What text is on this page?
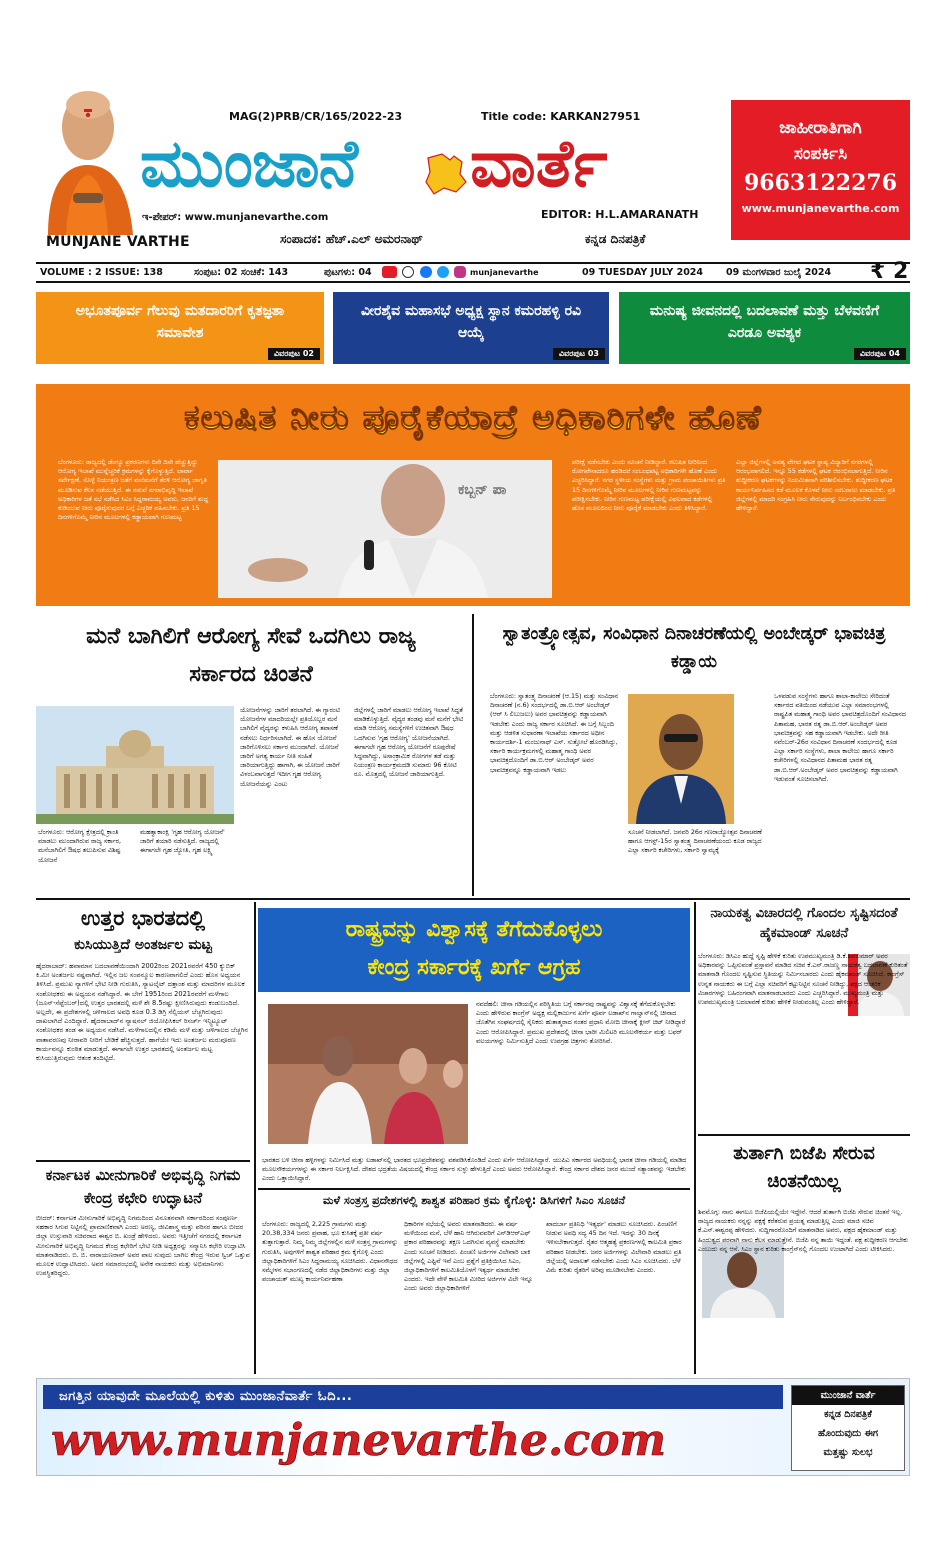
MUNJANE VARTHE
MAG(2)PRB/CR/165/2022-23	Title code: KARKAN27951
ಮುಂಜಾನೆ ವಾರ್ತೆ
ಇ-ಪೇಪರ್: www.munjanevarthe.com	EDITOR: H.L.AMARANATH
ಸಂಪಾದಕ: ಹೆಚ್.ಎಲ್ ಅಮರನಾಥ್	ಕನ್ನಡ ದಿನಪತ್ರಿಕೆ
ಜಾಹೀರಾತಿಗಾಗಿ
ಸಂಪರ್ಕಿಸಿ
9663122276
www.munjanevarthe.com
VOLUME : 2 ISSUE: 138	ಸಂಪುಟ: 02 ಸಂಚಿಕೆ: 143	ಪುಟಗಳು: 04	munjanevarthe	09 TUESDAY JULY 2024 09 ಮಂಗಳವಾರ ಜುಲೈ 2024 ₹ 2
ಅಭೂತಪೂರ್ವ ಗೆಲುವು ಮತದಾರರಿಗೆ ಕೃತಜ್ಞತಾ ಸಮಾವೇಶ
ವಿವರಪುಟ 02
ವೀರಶೈವ ಮಹಾಸಭೆ ಅಧ್ಯಕ್ಷ ಸ್ಥಾನ ಕಮರಹಳ್ಳಿ ರವಿ ಆಯ್ಕೆ
ವಿವರಪುಟ 03
ಮನುಷ್ಯ ಜೀವನದಲ್ಲಿ ಬದಲಾವಣೆ ಮತ್ತು ಬೆಳವಣಿಗೆ ಎರಡೂ ಅವಶ್ಯಕ
ವಿವರಪುಟ 04
ಕಲುಷಿತ ನೀರು ಪೂರೈಕೆಯಾದ್ರೆ ಅಧಿಕಾರಿಗಳೇ ಹೊಣೆ
ಬೆಂಗಳೂರು: ರಾಜ್ಯದಲ್ಲಿ ಡೆಂಗ್ಯೂ ಪ್ರಕರಣಗಳು ದಿನೇ ದಿನೇ ಹೆಚ್ಚುತ್ತಿದ್ದು ಆರೋಗ್ಯ ಇಲಾಖೆ ಮುನ್ನೆಚ್ಚರಿಕೆ ಕ್ರಮಗಳನ್ನು ಕೈಗೊಳ್ಳುತ್ತಿದೆ. ಲಾರ್ವಾ ಸರ್ವೇಕ್ಷಣೆ, ಸೊಳ್ಳೆ ನಿಯಂತ್ರಣ ಜತೆಗೆ ಮನೆಮನೆಗೆ ತೆರಳಿ ಆರೋಗ್ಯ ಜಾಗೃತಿ ಮೂಡಿಸುವ ಕೆಲಸ ನಡೆಯುತ್ತಿದೆ. ಈ ನಡುವೆ ನಗರಾಭಿವೃದ್ಧಿ ಇಲಾಖೆ ಅಧಿಕಾರಿಗಳ ಜತೆ ಸಭೆ ನಡೆಸಿದ ಸಿಎಂ ಸಿದ್ದರಾಮಯ್ಯ ಅವರು, ಜನರಿಗೆ ಶುದ್ಧ ಕುಡಿಯುವ ನೀರು ಪೂರೈಸುವುದರ ಬಗ್ಗೆ ಎಚ್ಚರಿಕೆ ವಹಿಸಬೇಕು. ಪ್ರತಿ 15 ದಿನಗಳಿಗೊಮ್ಮೆ ನೀರಿನ ಮೂಲಗಳಲ್ಲಿ ಕಡ್ಡಾಯವಾಗಿ ಗುಣಮಟ್ಟ
ಕಬ್ಬನ್ ಪಾ
ಪರೀಕ್ಷೆ ನಡೆಸಬೇಕು ಎಂದು ಸೂಚನೆ ನೀಡಿದ್ದಾರೆ. ಕಲುಷಿತ ನೀರಿನಿಂದ ರೋಗವೇನಾದರೂ ಹರಡಿದರೆ ಸಂಬಂಧಪಟ್ಟ ಅಧಿಕಾರಿಗಳೇ ಹೊಣೆ ಎಂದು ಎಚ್ಚರಿಸಿದ್ದಾರೆ. ನಗರ ಸ್ಥಳೀಯ ಸಂಸ್ಥೆಗಳು ಮತ್ತು ಗ್ರಾಮ ಪಂಚಾಯಿತಿಗಳು ಪ್ರತಿ 15 ದಿನಗಳಿಗೊಮ್ಮೆ ನೀರಿನ ಮೂಲಗಳಲ್ಲಿ ನೀರಿನ ಗುಣಮಟ್ಟವನ್ನು ಪರೀಕ್ಷಿಸಬೇಕು. ನೀರಿನ ಗುಣಮಟ್ಟ ಪರೀಕ್ಷೆಯಲ್ಲಿ ವಿಫಲವಾದ ಕಡೆಗಳಲ್ಲಿ ಹೊಸ ಮೂಲದಿಂದ ನೀರು ಪೂರೈಕೆ ಮಾಡಬೇಕು ಎಂದು ತಿಳಿಸಿದ್ದಾರೆ.
ಎಲ್ಲಾ ಜಿಲ್ಲೆಗಳಲ್ಲಿ ಅವಶ್ಯ ವೇಗದ ಘಟಕ ಸ್ಥಾಪ್ಯ ವಿದ್ಯಾರಿಗೆ ನಗರಗಳಲ್ಲಿ ಆರಂಭವಾಗಲಿದೆ. ಇನ್ನೂ 55 ಕಡೆಗಳಲ್ಲಿ ಘಟಕ ಆರಂಭಿಸಲಾಗುತ್ತಿದೆ. ನೀರಿನ ಶುದ್ಧೀಕರಣ ಘಟಕಗಳನ್ನು ನಿಯಮಿತವಾಗಿ ಪರಿಶೀಲಿಸಬೇಕು. ಶುದ್ಧೀಕರಣ ಘಟಕ ಕಾರ್ಯನಿರ್ವಹಿಸದ ಕಡೆ ಮೂಲಕ ಕೊಳವೆ ನೀರು ಸರಬರಾಜು ಮಾಡಬೇಕು. ಪ್ರತಿ ಜಿಲ್ಲೆಗಳಲ್ಲಿ ಮಾದರಿ ಸಂಗ್ರಹಿಸಿ ನೀರು ಸೇರುವುದನ್ನು ನಿರ್ಬಂಧಿಸಬೇಕು ಎಂದು ಹೇಳಿದ್ದಾರೆ.
ಮನೆ ಬಾಗಿಲಿಗೆ ಆರೋಗ್ಯ ಸೇವೆ ಒದಗಿಲು ರಾಜ್ಯ ಸರ್ಕಾರದ ಚಿಂತನೆ
ಬೆಂಗಳೂರು: ಆರೋಗ್ಯ ಕ್ಷೇತ್ರದಲ್ಲಿ ಕ್ರಾಂತಿ ಮಾಡಲು ಮುಂದಾಗಿರುವ ರಾಜ್ಯ ಸರ್ಕಾರ, ಮನೆಬಾಗಿಲಿಗೆ ಔಷಧ ತಲುಪಿಸುವ ವಿಶಿಷ್ಟ ಯೋಜನೆ
ಮಹತ್ವಾಕಾಂಕ್ಷಿ 'ಗೃಹ ಆರೋಗ್ಯ ಯೋಜನೆ' ಜಾರಿಗೆ ತಯಾರಿ ನಡೆಸುತ್ತಿದೆ. ರಾಜ್ಯದಲ್ಲಿ ಈಗಾಗಲೇ ಗೃಹ ಜ್ಯೋತಿ, ಗೃಹ ಲಕ್ಷ್ಮಿ
ಯೋಜನೆಗಳನ್ನು ಜಾರಿಗೆ ತರಲಾಗಿದೆ. ಈ ಗ್ಯಾರಂಟಿ ಯೋಜನೆಗಳ ಮಾದರಿಯಲ್ಲೇ ಪ್ರತಿಯೊಬ್ಬರ ಮನೆ ಬಾಗಿಲಿಗೆ ವೈದ್ಯರನ್ನು ಕಳುಹಿಸಿ ಆರೋಗ್ಯ ತಪಾಸಣೆ ನಡೆಸಲು ನಿರ್ಧರಿಸಲಾಗಿದೆ. ಈ ಹೊಸ ಯೋಜನೆ ಜಾರಿಗೊಳಿಸಲು ಸರ್ಕಾರ ಮುಂದಾಗಿದೆ. ಯೋಜನೆ ಜಾರಿಗೆ ಅಗತ್ಯ ಕಾರ್ಯ ನೀತಿ ಸಂಹಿತೆ ಜಾರಿಯಾಗುತ್ತಿದ್ದು ಹಾಗಾಗಿ, ಈ ಯೋಜನೆ ಜಾರಿಗೆ ವಿಳಂಬವಾಗುತ್ತದೆ ಇದೀಗ ಗೃಹ ಆರೋಗ್ಯ ಯೋಜನೆಯನ್ನು ಎಂಟು
ಜಿಲ್ಲೆಗಳಲ್ಲಿ ಜಾರಿಗೆ ಮಾಡಲು ಆರೋಗ್ಯ ಇಲಾಖೆ ಸಿದ್ಧತೆ ಮಾಡಿಕೊಳ್ಳುತ್ತಿದೆ. ವೈದ್ಯರ ತಂಡವು ಮನೆ ಮನೆಗೆ ಭೇಟಿ ಮಾಡಿ ಆರೋಗ್ಯ ಸಮಸ್ಯೆಗಳಿಗೆ ಉಚಿತವಾಗಿ ಔಷಧ ಒದಗಿಸುವ 'ಗೃಹ ಆರೋಗ್ಯ' ಯೋಜನೆಯಾಗಿದೆ. ಈಗಾಗಲೇ ಗೃಹ ಆರೋಗ್ಯ ಯೋಜನೆಗೆ ರೂಪುರೇಷೆ ಸಿದ್ಧವಾಗಿದ್ದು, ಅಸಾಂಕ್ರಾಮಿಕ ರೋಗಗಳ ತಡೆ ಮತ್ತು ನಿಯಂತ್ರಣ ಕಾರ್ಯಕ್ರಮದಡಿ ಸುಮಾರು 96 ಕೋಟಿ ರೂ. ಮೊತ್ತದಲ್ಲಿ ಯೋಜನೆ ಜಾರಿಯಾಗುತ್ತಿದೆ.
ಸ್ವಾತಂತ್ರ್ಯೋತ್ಸವ, ಸಂವಿಧಾನ ದಿನಾಚರಣೆಯಲ್ಲಿ ಅಂಬೇಡ್ಕರ್ ಭಾವಚಿತ್ರ ಕಡ್ಡಾಯ
ಬೆಂಗಳೂರು: ಸ್ವಾತಂತ್ರ್ಯ ದಿನಾಚರಣೆ (ಆ.15) ಮತ್ತು ಸಂವಿಧಾನ ದಿನಾಚರಣೆ (ನ.6) ಸಂದರ್ಭದಲ್ಲಿ ಡಾ.ಬಿ.ಆರ್ ಅಂಬೇಡ್ಕರ್ (ಆರ್ ಸಿ ಲಿಬುಜಲು) ಅವರ ಭಾವಚಿತ್ರವನ್ನು ಕಡ್ಡಾಯವಾಗಿ ಇಡಬೇಕು ಎಂದು ರಾಜ್ಯ ಸರ್ಕಾರ ಸೂಚಿಸಿದೆ. ಈ ಬಗ್ಗೆ ಸಿಬ್ಬಂದಿ ಮತ್ತು ಆಡಳಿತ ಸುಧಾರಣಾ ಇಲಾಖೆಯ ಸರ್ಕಾರದ ಅಧೀನ ಕಾರ್ಯದರ್ಶಿ-1 ಮಂಜುನಾಥ್ ಎಸ್. ಸುತ್ತೋಲೆ ಹೊರಡಿಸಿದ್ದು, ಸರ್ಕಾರಿ ಕಾರ್ಯಕ್ರಮಗಳಲ್ಲಿ ಮಹಾತ್ಮ ಗಾಂಧಿ ಅವರ ಭಾವಚಿತ್ರದೊಂದಿಗೆ ಡಾ.ಬಿ.ಆರ್ ಅಂಬೇಡ್ಕರ್ ಅವರ ಭಾವಚಿತ್ರವನ್ನೂ ಕಡ್ಡಾಯವಾಗಿ ಇಡಲು
ಸೂಚನೆ ನೀಡಲಾಗಿದೆ. ಜನವರಿ 26ರ ಗಣರಾಜ್ಯೋತ್ಸವ ದಿನಾಚರಣೆ ಹಾಗೂ ಆಗಸ್ಟ್-15ರ ಸ್ವಾತಂತ್ರ್ಯ ದಿನಾಚರಣೆಯಂದು ಕೂಡ ರಾಜ್ಯದ ಎಲ್ಲಾ ಸರ್ಕಾರಿ ಕಚೇರಿಗಳು, ಸರ್ಕಾರಿ ಸ್ವಾಮ್ಯಕ್ಕೆ
ಒಳಪಡುವ ಸಂಸ್ಥೆಗಳು ಹಾಗೂ ಶಾಲಾ-ಕಾಲೇಜು ಸೇರಿದಂತೆ ಸರ್ಕಾರದ ವತಿಯಿಂದ ನಡೆಯುವ ಎಲ್ಲಾ ಸಮಾರಂಭಗಳಲ್ಲಿ ರಾಷ್ಟ್ರಪಿತ ಮಹಾತ್ಮ ಗಾಂಧಿ ಅವರ ಭಾವಚಿತ್ರದೊಂದಿಗೆ ಸಂವಿಧಾನದ ಪಿತಾಮಹ, ಭಾರತ ರತ್ನ ಡಾ.ಬಿ.ಆರ್.ಅಂಬೇಡ್ಕರ್ ಅವರ ಭಾವಚಿತ್ರವನ್ನು ಸಹ ಕಡ್ಡಾಯವಾಗಿ ಇಡಬೇಕು. ಅದೇ ರೀತಿ ನವೆಂಬರ್-26ರ ಸಂವಿಧಾನ ದಿನಾಚರಣೆ ಸಂದರ್ಭದಲ್ಲಿ ಕೂಡ ಎಲ್ಲಾ ಸರ್ಕಾರಿ ಸಂಸ್ಥೆಗಳು, ಶಾಲಾ ಕಾಲೇಜು ಹಾಗೂ ಸರ್ಕಾರಿ ಕಚೇರಿಗಳಲ್ಲಿ ಸಂವಿಧಾನದ ಪಿತಾಮಹ ಭಾರತ ರತ್ನ ಡಾ.ಬಿ.ಆರ್.ಅಂಬೇಡ್ಕರ್ ಅವರ ಭಾವಚಿತ್ರವನ್ನು ಕಡ್ಡಾಯವಾಗಿ ಇಡುವಂತೆ ಸೂಚಿಸಲಾಗಿದೆ.
ಉತ್ತರ ಭಾರತದಲ್ಲಿ
ಕುಸಿಯುತ್ತಿದೆ ಅಂತರ್ಜಲ ಮಟ್ಟ
ಹೈದರಾಬಾದ್: ಹವಾಮಾನ ಬದಲಾವಣೆಯಿಂದಾಗಿ 2002ರಿಂದ 2021ರವರೆಗೆ 450 ಕ್ಯುಬಿಕ್ ಕಿ.ಮೀ ಅಂತರ್ಜಲ ನಷ್ಟವಾಗಿದೆ. ಇಲ್ಲಿನ ಜಲ ಸಂಪನ್ಮೂಲ ಕಾರಣವಾಗಲಿದೆ ಎಂದು ಹೊಸ ಅಧ್ಯಯನ ತಿಳಿಸಿದೆ. ಪ್ರಮುಖ ನ್ಯಾಗಳಿಗೆ ಭೇಟಿ ನೀಡಿ ಗುರುತಿಸಿ, ಸ್ಯಾಟಲೈಟ್ ದತ್ತಾಂಶ ಮತ್ತು ಮಾದರಿಗಳ ಮೂಲಕ ಸಂಶೋಧಕರು ಈ ಅಧ್ಯಯನ ನಡೆಸಿದ್ದಾರೆ. ಈ ಬೇಗೆ 1951ರಿಂದ 2021ರವರೆಗೆ ಮಳೆಗಾಲ (ಜೂನ್-ಸೆಪ್ಟೆಂಬರ್)ದಲ್ಲಿ ಉತ್ತರ ಭಾರತದಲ್ಲಿ ಮಳೆ ಶೇ 8.5ರಷ್ಟು ಕ್ಷೀಣಿಸಿರುವುದು ಕಂಡುಬಂದಿದೆ. ಅಲ್ಲದೇ, ಈ ಪ್ರದೇಶಗಳಲ್ಲಿ ಚಳಿಗಾಲದ ಅವಧಿ ಕೂಡ 0.3 ಡಿಗ್ರಿ ಸೆಲ್ಸಿಯಸ್ ಬೆಚ್ಚಗಿರುವುದು ದಾಖಲಾಗಿದೆ ಎಂದಿದ್ದಾರೆ. ಹೈದರಾಬಾದ್‌ನ ನ್ಯಾಷನಲ್ ಜಿಯೋಫಿಸಿಕಲ್ ರಿಸರ್ಚ್ ಇನ್ಸ್ಟಿಟ್ಯೂಟ್ ಸಂಶೋಧಕರ ತಂಡ ಈ ಅಧ್ಯಯನ ನಡೆಸಿದೆ. ಮಳೆಗಾಲದಲ್ಲಿನ ಕಡಿಮೆ ಮಳೆ ಮತ್ತು ಚಳಿಗಾಲದ ಬೆಚ್ಚಗಿನ ವಾತಾವರಣವು ನೀರಾವರಿ ನೀರಿಗೆ ಬೇಡಿಕೆ ಹೆಚ್ಚಿಸುತ್ತದೆ. ಹಾಗೆಯೇ ಇದು ಅಂತರ್ಜಲ ಮರುಪೂರಣ ಕಾರ್ಯವನ್ನೂ ಕುಂಠಿತ ಮಾಡುತ್ತದೆ. ಈಗಾಗಲೇ ಉತ್ತರ ಭಾರತದಲ್ಲಿ ಅಂತರ್ಜಲ ಮಟ್ಟ ಕುಸಿಯುತ್ತಿರುವುದು ಆತಂಕ ತಂದಿಟ್ಟಿದೆ.
ಕರ್ನಾಟಕ ಮೀನುಗಾರಿಕೆ ಅಭಿವೃದ್ಧಿ ನಿಗಮ ಕೇಂದ್ರ ಕಛೇರಿ ಉದ್ಘಾಟನೆ
ಬೀದರ್: ಕರ್ನಾಟಕ ಮೀನುಗಾರಿಕೆ ಅಭಿವೃದ್ಧಿ ನಿಗಮದಿಂದ ವಿನೂತನವಾಗಿ ಸರ್ಕಾರದಿಂದ ಸಂಪೂರ್ಣ ಸಹಕಾರ ಸಿಗುವ ನಿಟ್ಟಿನಲ್ಲಿ ಪ್ರಾಮಾಣಿಕವಾಗಿ ಎಂದು ಅರಣ್ಯ, ಜೀವಿಶಾಸ್ತ್ರ ಮತ್ತು ಪರಿಸರ ಹಾಗೂ ಬೀದರ ಜಿಲ್ಲಾ ಉಸ್ತುವಾರಿ ಸಚಿವರಾದ ಈಶ್ವರ ಬಿ. ಖಂಡ್ರೆ ಹೇಳಿದರು. ಅವರು ಇತ್ತೀಚೆಗೆ ನಗರದಲ್ಲಿ ಕರ್ನಾಟಕ ಮೀನುಗಾರಿಕೆ ಅಭಿವೃದ್ಧಿ ನಿಗಮದ ಕೇಂದ್ರ ಕಛೇರಿಗೆ ಭೇಟಿ ನೀಡಿ ಅಧ್ಯಕ್ಷರನ್ನು ಸನ್ಮಾನಿಸಿ ಕಛೇರಿ ಉದ್ಘಾಟಿಸಿ ಮಾತನಾಡಿದರು. ಬಿ. ಬಿ. ನಾರಾಯಣರಾವ್ ಅವರ ಪಾಲ ಸುವುದು ಬಾಗಿಲ ಕೇಂದ್ರ ಇರುವ ಸ್ವಿಚ್ ಒತ್ತುವ ಮೂಲಕ ಉದ್ಘಾಟಿಸಿದರು. ಅವರ ಸಮಾರಂಭದಲ್ಲಿ ಅನೇಕ ನಾಯಕರು ಮತ್ತು ಅಭಿಮಾನಿಗಳು ಉಪಸ್ಥಿತರಿದ್ದರು.
ರಾಷ್ಟ್ರವನ್ನು ವಿಶ್ವಾಸಕ್ಕೆ ತೆಗೆದುಕೊಳ್ಳಲು
ಕೇಂದ್ರ ಸರ್ಕಾರಕ್ಕೆ ಖರ್ಗೆ ಆಗ್ರಹ
ನವದೆಹಲಿ: ಚೀನಾ ಗಡಿಯಲ್ಲಿನ ಪರಿಸ್ಥಿತಿಯ ಬಗ್ಗೆ ಸರ್ಕಾರವು ರಾಷ್ಟ್ರವನ್ನು ವಿಶ್ವಾಸಕ್ಕೆ ತೆಗೆದುಕೊಳ್ಳಬೇಕು ಎಂದು ಹೇಳಿರುವ ಕಾಂಗ್ರೆಸ್ ಅಧ್ಯಕ್ಷ ಮಲ್ಲಿಕಾರ್ಜುನ ಖರ್ಗೆ ಪೂರ್ವ ಲಡಾಖ್‌ನ ಗಾಲ್ವಾನ್‌ನಲ್ಲಿ ಚೀನಾದ ಜೊತೆಗಿನ ಸಂಘರ್ಷದಲ್ಲಿ ಸೈನಿಕರು ಹುತಾತ್ಮರಾದ ನಂತರ ಪ್ರಧಾನಿ ಮೋದಿ ಚೀನಾಕ್ಕೆ ಕ್ಲೀನ್ ಚಿಟ್ ನೀಡಿದ್ದಾರೆ ಎಂದು ಆರೋಪಿಸಿದ್ದಾರೆ. ಪ್ರಮುಖ ಪ್ರದೇಶದಲ್ಲಿ ಚೀನಾ ಭಾರೀ ಮಿಲಿಟರಿ ಮೂಲಸೌಕರ್ಯ ಮತ್ತು ಬಫರ್ ವಲಯಗಳನ್ನು ನಿರ್ಮಿಸುತ್ತಿದೆ ಎಂದು ಉಪಗ್ರಹ ಚಿತ್ರಗಳು ತೋರಿಸಿವೆ.
ಭಾರತದ ಬಳಿ ಚೀನಾ ಹಳ್ಳಿಗಳನ್ನು ನಿರ್ಮಿಸಿದೆ ಮತ್ತು ಲಡಾಖ್‌ನಲ್ಲಿ ಭಾರತದ ಭೂಪ್ರದೇಶವನ್ನು ವಶಪಡಿಸಿಕೊಂಡಿದೆ ಎಂದು ಖರ್ಗೆ ಆರೋಪಿಸಿದ್ದಾರೆ. ಯುಪಿಎ ಸರ್ಕಾರದ ಅವಧಿಯಲ್ಲಿ ಭಾರತ ಚೀನಾ ಗಡಿಯಲ್ಲಿ ಮಾಡಿದ ಮೂಲಸೌಕರ್ಯಗಳನ್ನು ಈ ಸರ್ಕಾರ ನಿರ್ಲಕ್ಷಿಸಿದೆ. ದೇಶದ ಭದ್ರತೆಯ ವಿಷಯದಲ್ಲಿ ಕೇಂದ್ರ ಸರ್ಕಾರ ಸುಳ್ಳು ಹೇಳುತ್ತಿದೆ ಎಂದು ಅವರು ಆರೋಪಿಸಿದ್ದಾರೆ. ಕೇಂದ್ರ ಸರ್ಕಾರ ದೇಶದ ಜನರ ಮುಂದೆ ಸತ್ಯಾಂಶವನ್ನು ಇಡಬೇಕು ಎಂದು ಒತ್ತಾಯಿಸಿದ್ದಾರೆ.
ನಾಯಕತ್ವ ವಿಚಾರದಲ್ಲಿ ಗೊಂದಲ ಸೃಷ್ಟಿಸದಂತೆ ಹೈಕಮಾಂಡ್ ಸೂಚನೆ
ಬೆಂಗಳೂರು: ಡಿಸಿಎಂ ಹುದ್ದೆ ಸೃಷ್ಟಿ ಹೇಳಿಕೆ ಕುರಿತು ಉಪಮುಖ್ಯಮಂತ್ರಿ ಡಿ.ಕೆ.ಶಿವಕುಮಾರ್ ಅವರ ಅಧಿಕಾರವನ್ನು ಒಪ್ಪಿಸುವಂತೆ ಪ್ರಸ್ತಾವನೆ ಮಾಡಿದ ಸಚಿವ ಕೆ.ಎನ್.ರಾಜಣ್ಣ ನಾಯಕತ್ವ ಬದಲಾವಣೆ ಕುರಿತಂತೆ ಮಾತನಾಡಿ ಗೊಂದಲ ಸೃಷ್ಟಿಸುವ ಸ್ಥಿತಿಯನ್ನು ನಿರ್ಮಿಸಬಾರದು ಎಂದು ಹೈಕಮಾಂಡ್ ಸೂಚಿಸಿದೆ. ಕಾಂಗ್ರೆಸ್ ಉನ್ನತ ನಾಯಕರು ಈ ಬಗ್ಗೆ ಎಲ್ಲಾ ಸಚಿವರಿಗೆ ಕಟ್ಟುನಿಟ್ಟಿನ ಸೂಚನೆ ನೀಡಿದ್ದು, ಪಕ್ಷದ ಆಂತರಿಕ ವಿಚಾರಗಳನ್ನು ಬಹಿರಂಗವಾಗಿ ಮಾತನಾಡಬಾರದು ಎಂದು ಎಚ್ಚರಿಸಿದ್ದಾರೆ. ಮುಖ್ಯಮಂತ್ರಿ ಮತ್ತು ಉಪಮುಖ್ಯಮಂತ್ರಿ ಬದಲಾವಣೆ ಕುರಿತು ಹೇಳಿಕೆ ನೀಡುವಂತಿಲ್ಲ ಎಂದು ಹೇಳಿದ್ದಾರೆ.
ತುರ್ತಾಗಿ ಬಿಜೆಪಿ ಸೇರುವ ಚಿಂತನೆಯಿಲ್ಲ
ಶಿವಮೊಗ್ಗ: ನಾನು ಈಗಲೂ ಬಿಜೆಪಿಯಲ್ಲಿಯೇ ಇದ್ದೇನೆ. ಆದರೆ ತುರ್ತಾಗಿ ಬಿಜೆಪಿ ಸೇರುವ ಚಿಂತನೆ ಇಲ್ಲ. ರಾಜ್ಯದ ನಾಯಕರು ನನ್ನನ್ನು ಪಕ್ಷಕ್ಕೆ ಕರೆತರುವ ಪ್ರಯತ್ನ ಮಾಡುತ್ತಿಲ್ಲ ಎಂದು ಮಾಜಿ ಸಚಿವ ಕೆ.ಎಸ್.ಈಶ್ವರಪ್ಪ ಹೇಳಿದರು. ಸುದ್ದಿಗಾರರೊಂದಿಗೆ ಮಾತನಾಡಿದ ಅವರು, ಪಕ್ಷದ ಹೈಕಮಾಂಡ್ ಮತ್ತು ಹಿಂದುತ್ವದ ಪರವಾಗಿ ನಾನು ಕೆಲಸ ಮಾಡುತ್ತೇನೆ. ಬಿಜೆಪಿ ನನ್ನ ತಾಯಿ ಇದ್ದಂತೆ. ಪಕ್ಷ ಶುದ್ಧೀಕರಣ ಆಗಬೇಕು ಎಂಬುದು ನನ್ನ ಆಸೆ. ಸಿಎಂ ಸ್ಥಾನ ಕುರಿತು ಕಾಂಗ್ರೆಸ್‌ನಲ್ಲಿ ಗೊಂದಲ ಉಂಟಾಗಿದೆ ಎಂದು ಟೀಕಿಸಿದರು.
ಮಳೆ ಸಂತ್ರಸ್ತ ಪ್ರದೇಶಗಳಲ್ಲಿ ಶಾಶ್ವತ ಪರಿಹಾರ ಕ್ರಮ ಕೈಗೊಳ್ಳಿ: ಡಿಸಿಗಳಿಗೆ ಸಿಎಂ ಸೂಚನೆ
ಬೆಂಗಳೂರು: ರಾಜ್ಯದಲ್ಲಿ 2,225 ಗ್ರಾಮಗಳು ಮತ್ತು 20,38,334 ಜನರು ಪ್ರವಾಹ, ಭೂ ಕುಸಿತಕ್ಕೆ ಪ್ರತೀ ವರ್ಷ ತುತ್ತಾಗುತ್ತಾರೆ. ನಿಮ್ಮ ನಿಮ್ಮ ಜಿಲ್ಲೆಗಳಲ್ಲಿನ ಮಳೆ ಸಂತ್ರಸ್ತ ಗ್ರಾಮಗಳನ್ನು ಗುರುತಿಸಿ, ಅವುಗಳಿಗೆ ಶಾಶ್ವತ ಪರಿಹಾರ ಕ್ರಮ ಕೈಗೊಳ್ಳಿ ಎಂದು ಜಿಲ್ಲಾಧಿಕಾರಿಗಳಿಗೆ ಸಿಎಂ ಸಿದ್ದರಾಮಯ್ಯ ಸೂಚಿಸಿದರು. ವಿಧಾನಸೌಧದ ಸಮ್ಮೇಳನ ಸಭಾಂಗಣದಲ್ಲಿ ನಡೆದ ಜಿಲ್ಲಾಧಿಕಾರಿಗಳು ಮತ್ತು ಜಿಲ್ಲಾ ಪಂಚಾಯತ್ ಮುಖ್ಯ ಕಾರ್ಯನಿರ್ವಹಣಾ
ಧಿಕಾರಿಗಳ ಸಭೆಯಲ್ಲಿ ಅವರು ಮಾತನಾಡಿದರು. ಈ ವರ್ಷ ಮಳೆಯಿಂದ ಮನೆ, ಬೆಳೆ ಹಾನಿ ಆಗಿರುವವರಿಗೆ ಎನ್‌ಡಿಆರ್‌ಎಫ್ ಪ್ರಕಾರ ಪರಿಹಾರವನ್ನು ತಕ್ಷಣ ಒದಗಿಸುವ ವ್ಯವಸ್ಥೆ ಮಾಡಬೇಕು ಎಂದು ಸೂಚನೆ ನೀಡಿದರು. ಪಿಂಚಣಿ ಅರ್ಜಿಗಳ ವಿಲೇವಾರಿ ಬಾಕಿ ಜಿಲ್ಲೆಗಳಲ್ಲಿ ಎಷ್ಟಿವೆ ಇವೆ ಎಂಬ ಪ್ರಶ್ನೆಗೆ ಪ್ರತಿಕ್ರಿಯಿಸಿದ ಸಿಎಂ, ಜಿಲ್ಲಾಧಿಕಾರಿಗಳಿಗೆ ಕಾಲಮಿತಿಯೊಳಗೆ ಇತ್ಯರ್ಥ ಮಾಡಬೇಕು ಎಂದರು. ಇದೇ ವೇಳೆ ಕಾಲಮಿತಿ ಮೀರಿದ ಅರ್ಜಿಗಳ ವಿಲೇ ಇನ್ನೂ ಎಂದು ಅವರು ಜಿಲ್ಲಾಧಿಕಾರಿಗಳಿಗೆ
ಖಾದರ್ಬಾ ಪ್ರತಿನಿಧಿ 'ಇತ್ಯರ್ಥ' ಮಾಡಲು ಸೂಚಿಸಿದರು. ಪಿಂಚಣಿಗೆ ನೀಡುವ ಅವಧಿ ಸದ್ಯ 45 ದಿನ ಇದೆ. ಇದನ್ನು 30 ದಿನಕ್ಕೆ ಇಳಿಸಬೇಕಾಗುತ್ತದೆ. ರೈತರ ಆತ್ಮಹತ್ಯೆ ಪ್ರಕರಣಗಳಲ್ಲಿ ಕಾಲಮಿತಿ ಪ್ರಕಾರ ಪರಿಹಾರ ನೀಡಬೇಕು. ಜನರ ಅರ್ಜಿಗಳನ್ನು ವಿಲೇವಾರಿ ಮಾಡಲು ಪ್ರತಿ ಜಿಲ್ಲೆಯಲ್ಲಿ ಅದಾಲತ್ ನಡೆಸಬೇಕು ಎಂದು ಸಿಎಂ ಸೂಚಿಸಿದರು. ಬೆಳೆ ವಿಮೆ ಕುರಿತು ರೈತರಿಗೆ ಅರಿವು ಮೂಡಿಸಬೇಕು ಎಂದರು.
ಜಗತ್ತಿನ ಯಾವುದೇ ಮೂಲೆಯಲ್ಲಿ ಕುಳಿತು ಮುಂಜಾನೆವಾರ್ತೆ ಓದಿ...
www.munjanevarthe.com
ಮುಂಜಾನೆ ವಾರ್ತೆ
ಕನ್ನಡ ದಿನಪತ್ರಿಕೆ
ಹೊಂದುವುದು ಈಗ
ಮತ್ತಷ್ಟು ಸುಲಭ
